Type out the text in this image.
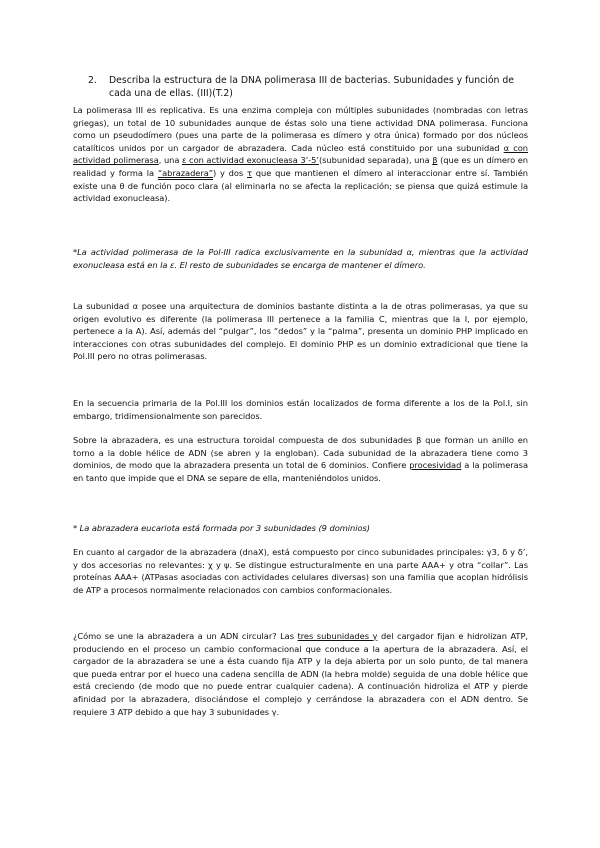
2.	Describa la estructura de la DNA polimerasa III de bacterias. Subunidades y función de cada una de ellas. (III)(T.2)

La polimerasa III es replicativa. Es una enzima compleja con múltiples subunidades (nombradas con letras griegas), un total de 10 subunidades aunque de éstas solo una tiene actividad DNA polimerasa. Funciona como un pseudodímero (pues una parte de la polimerasa es dímero y otra única) formado por dos núcleos catalíticos unidos por un cargador de abrazadera. Cada núcleo está constituido por una subunidad α con actividad polimerasa, una ε con actividad exonucleasa 3’-5’(subunidad separada), una β (que es un dímero en realidad y forma la “abrazadera”) y dos τ que que mantienen el dímero al interaccionar entre sí. También existe una θ de función poco clara (al eliminarla no se afecta la replicación; se piensa que quizá estimule la actividad exonucleasa).

*La actividad polimerasa de la Pol-III radica exclusivamente en la subunidad α, mientras que la actividad exonucleasa está en la ε. El resto de subunidades se encarga de mantener el dímero.

La subunidad α posee una arquitectura de dominios bastante distinta a la de otras polimerasas, ya que su origen evolutivo es diferente (la polimerasa III pertenece a la familia C, mientras que la I, por ejemplo, pertenece a la A). Así, además del “pulgar”, los “dedos” y la “palma”, presenta un dominio PHP implicado en interacciones con otras subunidades del complejo. El dominio PHP es un dominio extradicional que tiene la Pol.III pero no otras polimerasas.

En la secuencia primaria de la Pol.III los dominios están localizados de forma diferente a los de la Pol.I, sin embargo, tridimensionalmente son parecidos.

Sobre la abrazadera, es una estructura toroidal compuesta de dos subunidades β que forman un anillo en torno a la doble hélice de ADN (se abren y la engloban). Cada subunidad de la abrazadera tiene como 3 dominios, de modo que la abrazadera presenta un total de 6 dominios. Confiere procesividad a la polimerasa en tanto que impide que el DNA se separe de ella, manteniéndolos unidos.

* La abrazadera eucariota está formada por 3 subunidades (9 dominios)

En cuanto al cargador de la abrazadera (dnaX), está compuesto por cinco subunidades principales: γ3, δ y δ’, y dos accesorias no relevantes: χ y ψ. Se distingue estructuralmente en una parte AAA+ y otra “collar”. Las proteínas AAA+ (ATPasas asociadas con actividades celulares diversas) son una familia que acoplan hidrólisis de ATP a procesos normalmente relacionados con cambios conformacionales.

¿Cómo se une la abrazadera a un ADN circular? Las tres subunidades γ del cargador fijan e hidrolizan ATP, produciendo en el proceso un cambio conformacional que conduce a la apertura de la abrazadera. Así, el cargador de la abrazadera se une a ésta cuando fija ATP y la deja abierta por un solo punto, de tal manera que pueda entrar por el hueco una cadena sencilla de ADN (la hebra molde) seguida de una doble hélice que está creciendo (de modo que no puede entrar cualquier cadena). A continuación hidroliza el ATP y pierde afinidad por la abrazadera, disociándose el complejo y cerrándose la abrazadera con el ADN dentro. Se requiere 3 ATP debido a que hay 3 subunidades γ.
